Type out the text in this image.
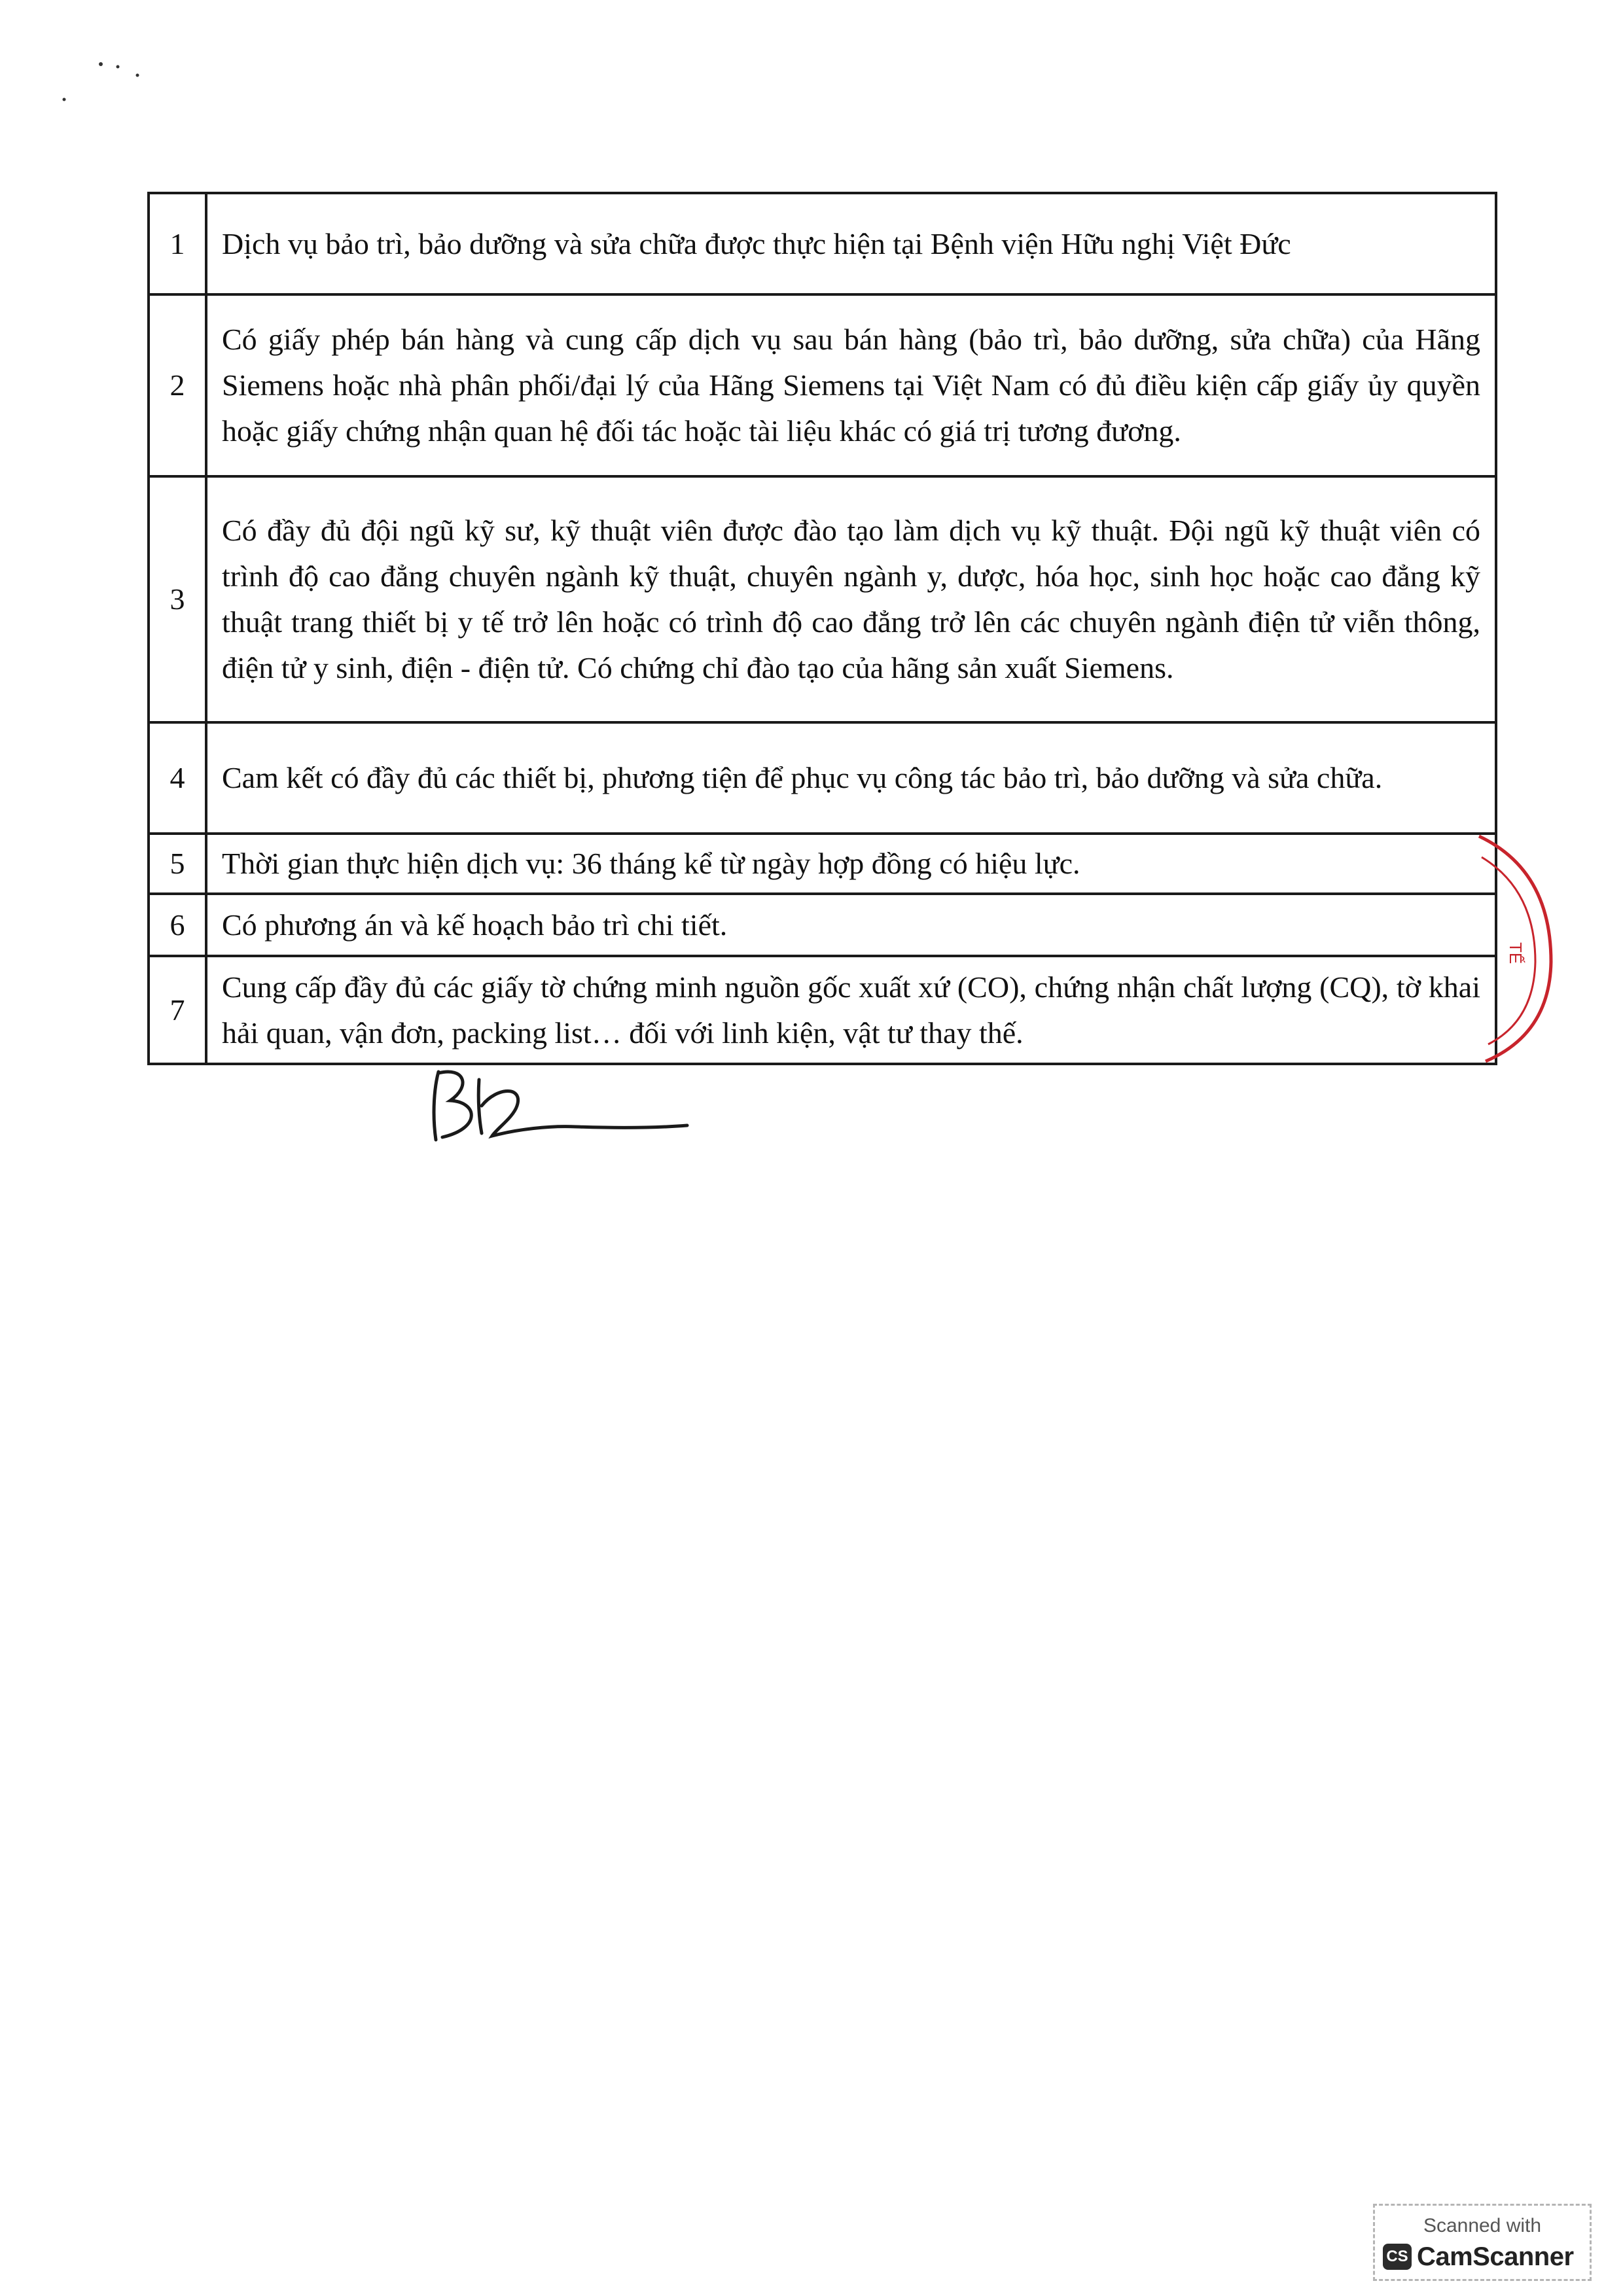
1	Dịch vụ bảo trì, bảo dưỡng và sửa chữa được thực hiện tại Bệnh viện Hữu nghị Việt Đức
2	Có giấy phép bán hàng và cung cấp dịch vụ sau bán hàng (bảo trì, bảo dưỡng, sửa chữa) của Hãng Siemens hoặc nhà phân phối/đại lý của Hãng Siemens tại Việt Nam có đủ điều kiện cấp giấy ủy quyền hoặc giấy chứng nhận quan hệ đối tác hoặc tài liệu khác có giá trị tương đương.
3	Có đầy đủ đội ngũ kỹ sư, kỹ thuật viên được đào tạo làm dịch vụ kỹ thuật. Đội ngũ kỹ thuật viên có trình độ cao đẳng chuyên ngành kỹ thuật, chuyên ngành y, dược, hóa học, sinh học hoặc cao đẳng kỹ thuật trang thiết bị y tế trở lên hoặc có trình độ cao đẳng trở lên các chuyên ngành điện tử viễn thông, điện tử y sinh, điện - điện tử. Có chứng chỉ đào tạo của hãng sản xuất Siemens.
4	Cam kết có đầy đủ các thiết bị, phương tiện để phục vụ công tác bảo trì, bảo dưỡng và sửa chữa.
5	Thời gian thực hiện dịch vụ: 36 tháng kể từ ngày hợp đồng có hiệu lực.
6	Có phương án và kế hoạch bảo trì chi tiết.
7	Cung cấp đầy đủ các giấy tờ chứng minh nguồn gốc xuất xứ (CO), chứng nhận chất lượng (CQ), tờ khai hải quan, vận đơn, packing list… đối với linh kiện, vật tư thay thế.
TẾ
Scanned with
CS CamScanner
